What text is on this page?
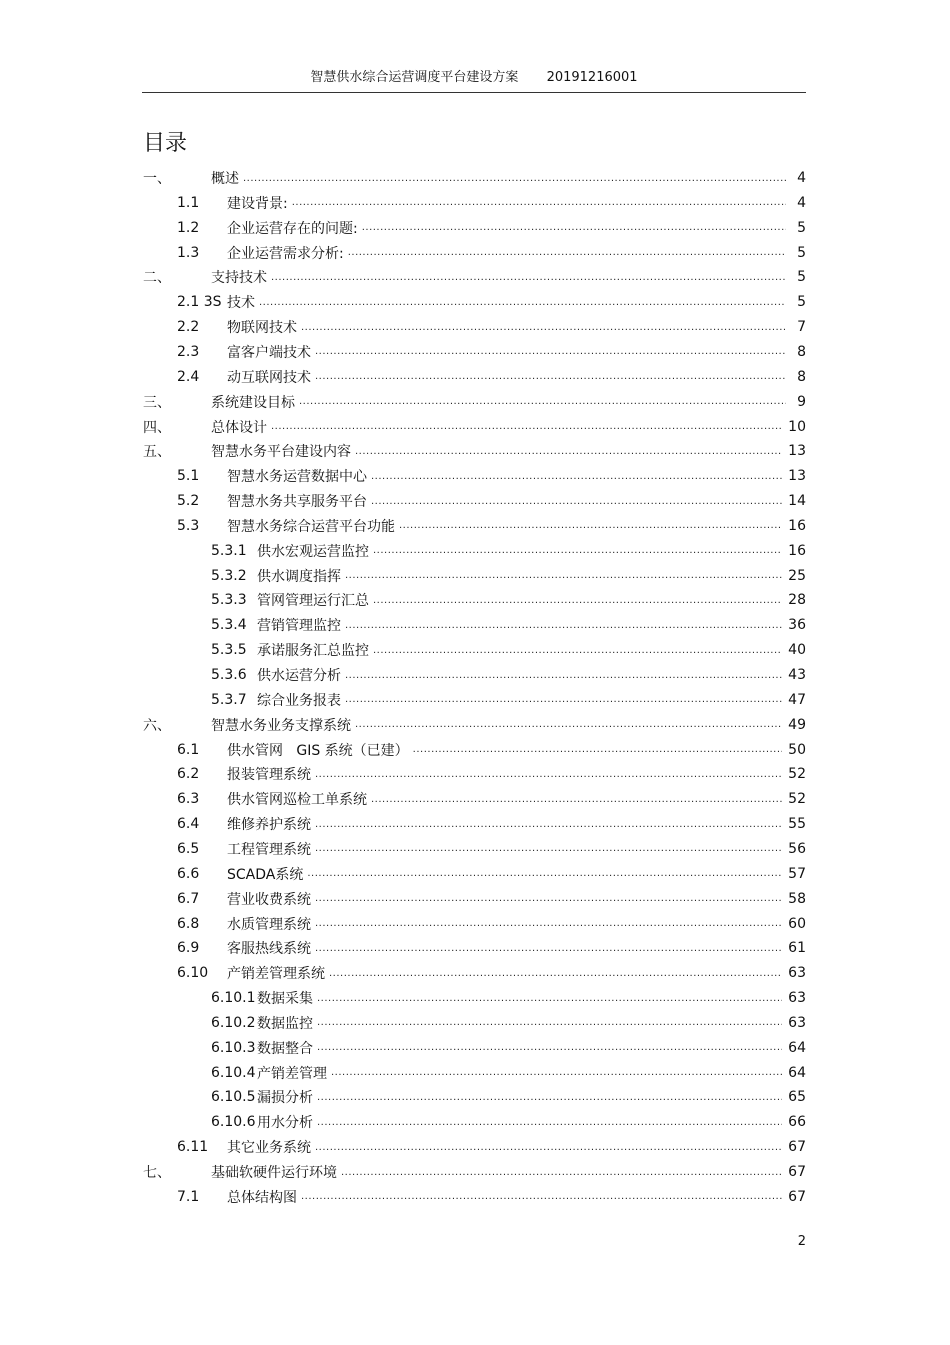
智慧供水综合运营调度平台建设方案 20191216001
目录
一、	概述 .....	4
1.1	建设背景: .....	4
1.2	企业运营存在的问题: .....	5
1.3	企业运营需求分析: .....	5
二、	支持技术 .....	5
2.1 3S 技术 .....	5
2.2	物联网技术 .....	7
2.3	富客户端技术 .....	8
2.4	动互联网技术 .....	8
三、	系统建设目标 .....	9
四、	总体设计 .....	10
五、	智慧水务平台建设内容 .....	13
5.1	智慧水务运营数据中心 .....	13
5.2	智慧水务共享服务平台 .....	14
5.3	智慧水务综合运营平台功能 .....	16
5.3.1 供水宏观运营监控 .....	16
5.3.2 供水调度指挥 .....	25
5.3.3 管网管理运行汇总 .....	28
5.3.4 营销管理监控 .....	36
5.3.5 承诺服务汇总监控 .....	40
5.3.6 供水运营分析 .....	43
5.3.7 综合业务报表 .....	47
六、	智慧水务业务支撑系统 .....	49
6.1	供水管网   GIS 系统（已建） .....	50
6.2	报装管理系统 .....	52
6.3	供水管网巡检工单系统 .....	52
6.4	维修养护系统 .....	55
6.5	工程管理系统 .....	56
6.6	SCADA系统 .....	57
6.7	营业收费系统 .....	58
6.8	水质管理系统 .....	60
6.9	客服热线系统 .....	61
6.10	产销差管理系统 .....	63
6.10.1 数据采集 .....	63
6.10.2 数据监控 .....	63
6.10.3 数据整合 .....	64
6.10.4 产销差管理 .....	64
6.10.5 漏损分析 .....	65
6.10.6 用水分析 .....	66
6.11	其它业务系统 .....	67
七、	基础软硬件运行环境 .....	67
7.1	总体结构图 .....	67
2
